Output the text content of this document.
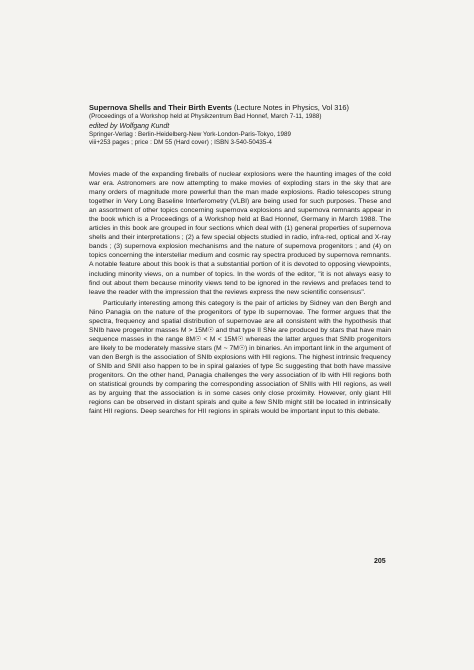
Supernova Shells and Their Birth Events (Lecture Notes in Physics, Vol 316)
(Proceedings of a Workshop held at Physikzentrum Bad Honnef, March 7-11, 1988)
edited by Wolfgang Kundt
Springer-Verlag : Berlin-Heidelberg-New York-London-Paris-Tokyo, 1989
viii+253 pages ; price : DM 55 (Hard cover) ; ISBN 3-540-50435-4

Movies made of the expanding fireballs of nuclear explosions were the haunting images of the cold war era. Astronomers are now attempting to make movies of exploding stars in the sky that are many orders of magnitude more powerful than the man made explosions. Radio telescopes strung together in Very Long Baseline Interferometry (VLBI) are being used for such purposes. These and an assortment of other topics concerning supernova explosions and supernova remnants appear in the book which is a Proceedings of a Workshop held at Bad Honnef, Germany in March 1988. The articles in this book are grouped in four sections which deal with (1) general properties of supernova shells and their interpretations ; (2) a few special objects studied in radio, infra-red, optical and X-ray bands ; (3) supernova explosion mechanisms and the nature of supernova progenitors ; and (4) on topics concerning the interstellar medium and cosmic ray spectra produced by supernova remnants. A notable feature about this book is that a substantial portion of it is devoted to opposing viewpoints, including minority views, on a number of topics. In the words of the editor, "it is not always easy to find out about them because minority views tend to be ignored in the reviews and prefaces tend to leave the reader with the impression that the reviews express the new scientific consensus".

Particularly interesting among this category is the pair of articles by Sidney van den Bergh and Nino Panagia on the nature of the progenitors of type Ib supernovae. The former argues that the spectra, frequency and spatial distribution of supernovae are all consistent with the hypothesis that SNIb have progenitor masses M > 15M☉ and that type II SNe are produced by stars that have main sequence masses in the range 8M☉ < M < 15M☉ whereas the latter argues that SNIb progenitors are likely to be moderately massive stars (M ~ 7M☉) in binaries. An important link in the argument of van den Bergh is the association of SNIb explosions with HII regions. The highest intrinsic frequency of SNIb and SNII also happen to be in spiral galaxies of type Sc suggesting that both have massive progenitors. On the other hand, Panagia challenges the very association of Ib with HII regions both on statistical grounds by comparing the corresponding association of SNIIs with HII regions, as well as by arguing that the association is in some cases only close proximity. However, only giant HII regions can be observed in distant spirals and quite a few SNIb might still be located in intrinsically faint HII regions. Deep searches for HII regions in spirals would be important input to this debate.

205
